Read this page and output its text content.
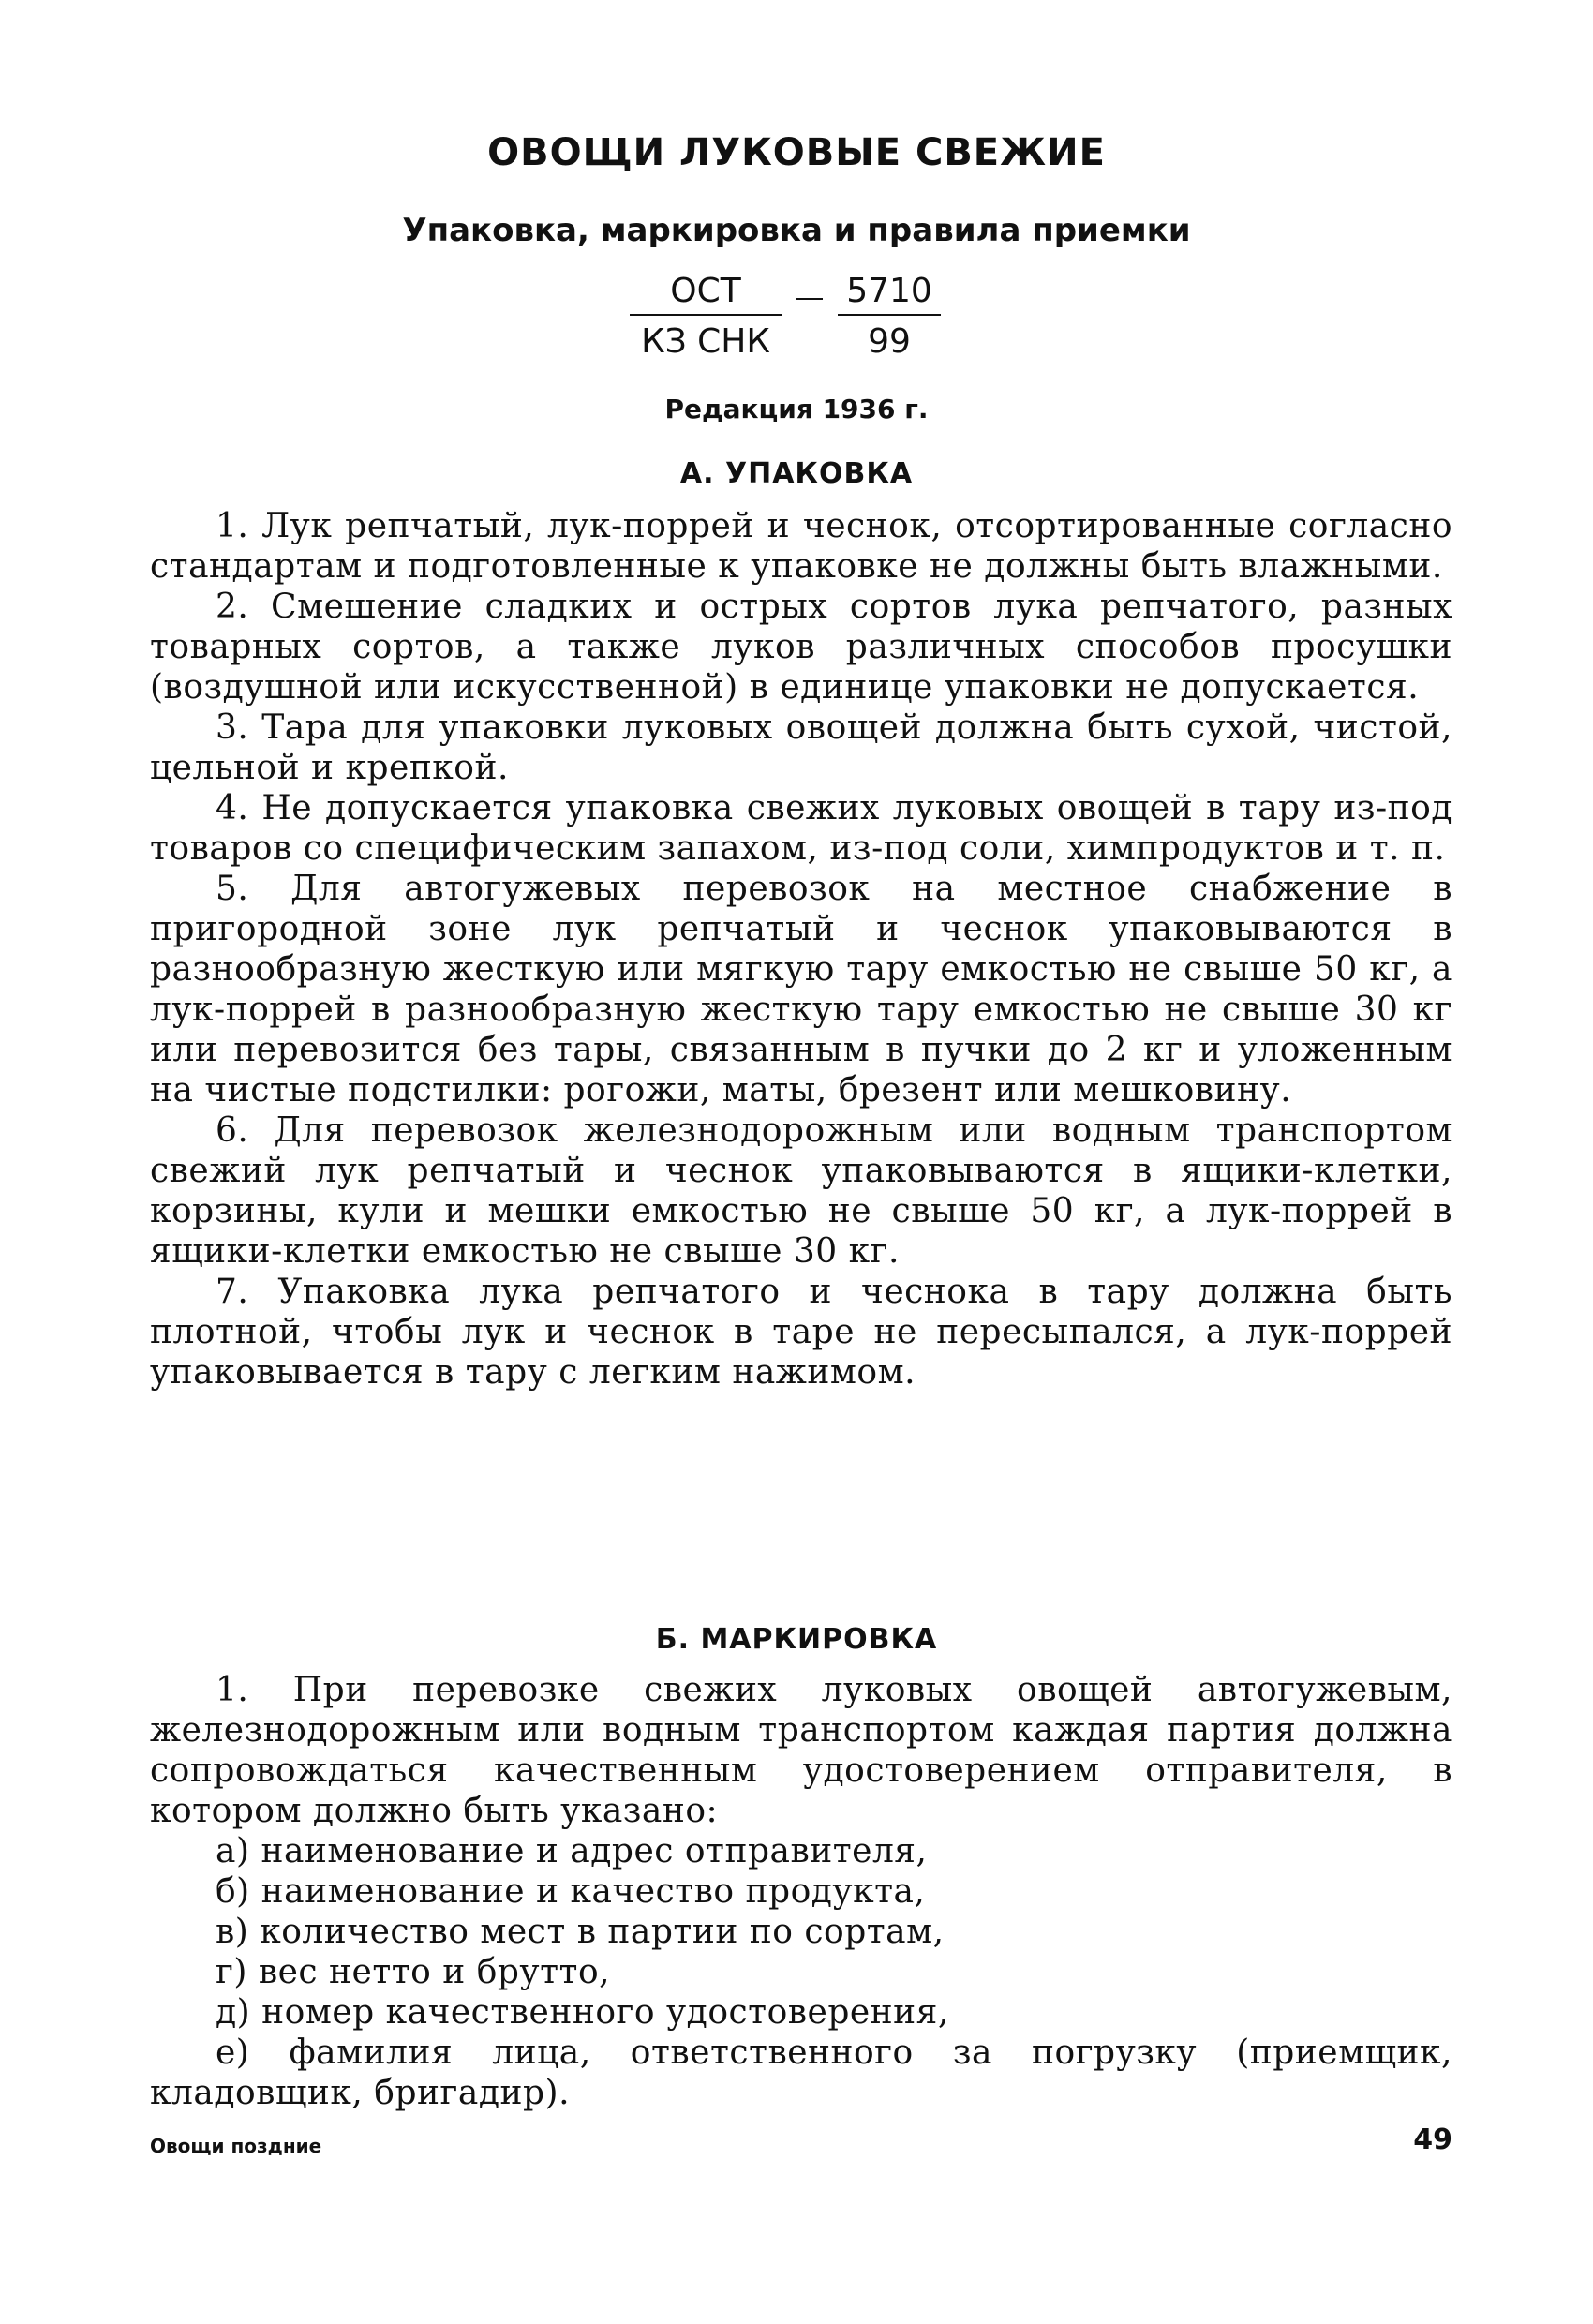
ОВОЩИ ЛУКОВЫЕ СВЕЖИЕ
Упаковка, маркировка и правила приемки
ОСТ	5710
КЗ СНК	99
Редакция 1936 г.
А. УПАКОВКА

1. Лук репчатый, лук-поррей и чеснок, отсортированные согласно стандартам и подготовленные к упаковке не должны быть влажными.

2. Смешение сладких и острых сортов лука репчатого, разных товарных сортов, а также луков различных способов просушки (воздушной или искусственной) в единице упаковки не допускается.

3. Тара для упаковки луковых овощей должна быть сухой, чистой, цельной и крепкой.

4. Не допускается упаковка свежих луковых овощей в тару из-под товаров со специфическим запахом, из-под соли, химпродуктов и т. п.

5. Для автогужевых перевозок на местное снабжение в пригородной зоне лук репчатый и чеснок упаковываются в разнообразную жесткую или мягкую тару емкостью не свыше 50 кг, а лук-поррей в разнообразную жесткую тару емкостью не свыше 30 кг или перевозится без тары, связанным в пучки до 2 кг и уложенным на чистые подстилки: рогожи, маты, брезент или мешковину.

6. Для перевозок железнодорожным или водным транспортом свежий лук репчатый и чеснок упаковываются в ящики-клетки, корзины, кули и мешки емкостью не свыше 50 кг, а лук-поррей в ящики-клетки емкостью не свыше 30 кг.

7. Упаковка лука репчатого и чеснока в тару должна быть плотной, чтобы лук и чеснок в таре не пересыпался, а лук-поррей упаковывается в тару с легким нажимом.

Б. МАРКИРОВКА

1. При перевозке свежих луковых овощей автогужевым, железнодорожным или водным транспортом каждая партия должна сопровождаться качественным удостоверением отправителя, в котором должно быть указано:

а) наименование и адрес отправителя,

б) наименование и качество продукта,

в) количество мест в партии по сортам,

г) вес нетто и брутто,

д) номер качественного удостоверения,

е) фамилия лица, ответственного за погрузку (приемщик, кладовщик, бригадир).

Овощи поздние	49
